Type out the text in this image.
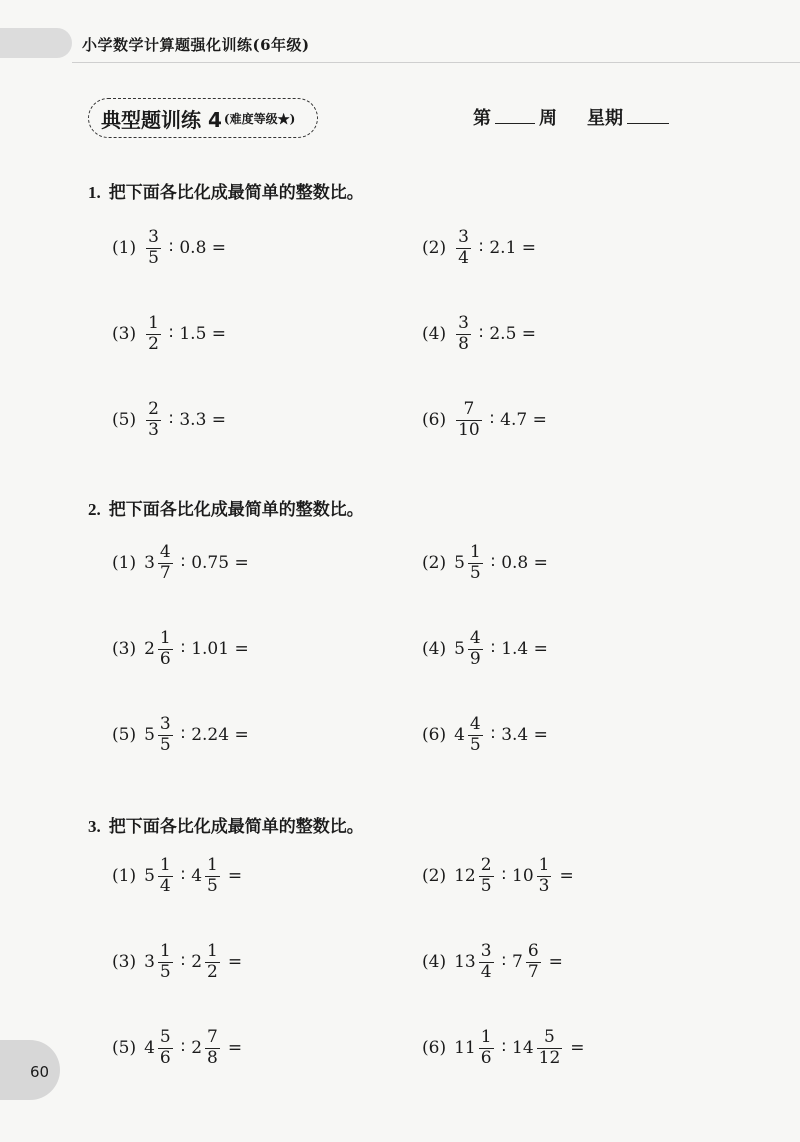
小学数学计算题强化训练(6年级)
典型题训练 4 (难度等级★)	第	周 星期
1. 把下面各比化成最简单的整数比。
$(1) \frac{3}{5}$ ∶ 0.8 =	$(2) \frac{3}{4}$ ∶ 2.1 =
$(3) \frac{1}{2}$ ∶ 1.5 =	$(4) \frac{3}{8}$ ∶ 2.5 =
$(5) \frac{2}{3}$ ∶ 3.3 =	$(6) \frac{7}{10}$ ∶ 4.7 =
2. 把下面各比化成最简单的整数比。
(1) $3 \frac{4}{7}$ ∶ 0.75 =	(2) $5 \frac{1}{5}$ ∶ 0.8 =
(3) $2 \frac{1}{6}$ ∶ 1.01 =	(4) $5 \frac{4}{9}$ ∶ 1.4 =
(5) $5 \frac{3}{5}$ ∶ 2.24 =	(6) $4 \frac{4}{5}$ ∶ 3.4 =
3. 把下面各比化成最简单的整数比。
(1) $5 \frac{1}{4}$ ∶ $4 \frac{1}{5}$ =	(2) $12 \frac{2}{5}$ ∶ $10 \frac{1}{3}$ =
(3) $3 \frac{1}{5}$ ∶ $2 \frac{1}{2}$ =	(4) $13 \frac{3}{4}$ ∶ $7 \frac{6}{7}$ =
(5) $4 \frac{5}{6}$ ∶ $2 \frac{7}{8}$ =	(6) $11 \frac{1}{6}$ ∶ $14 \frac{5}{12}$ =
60
